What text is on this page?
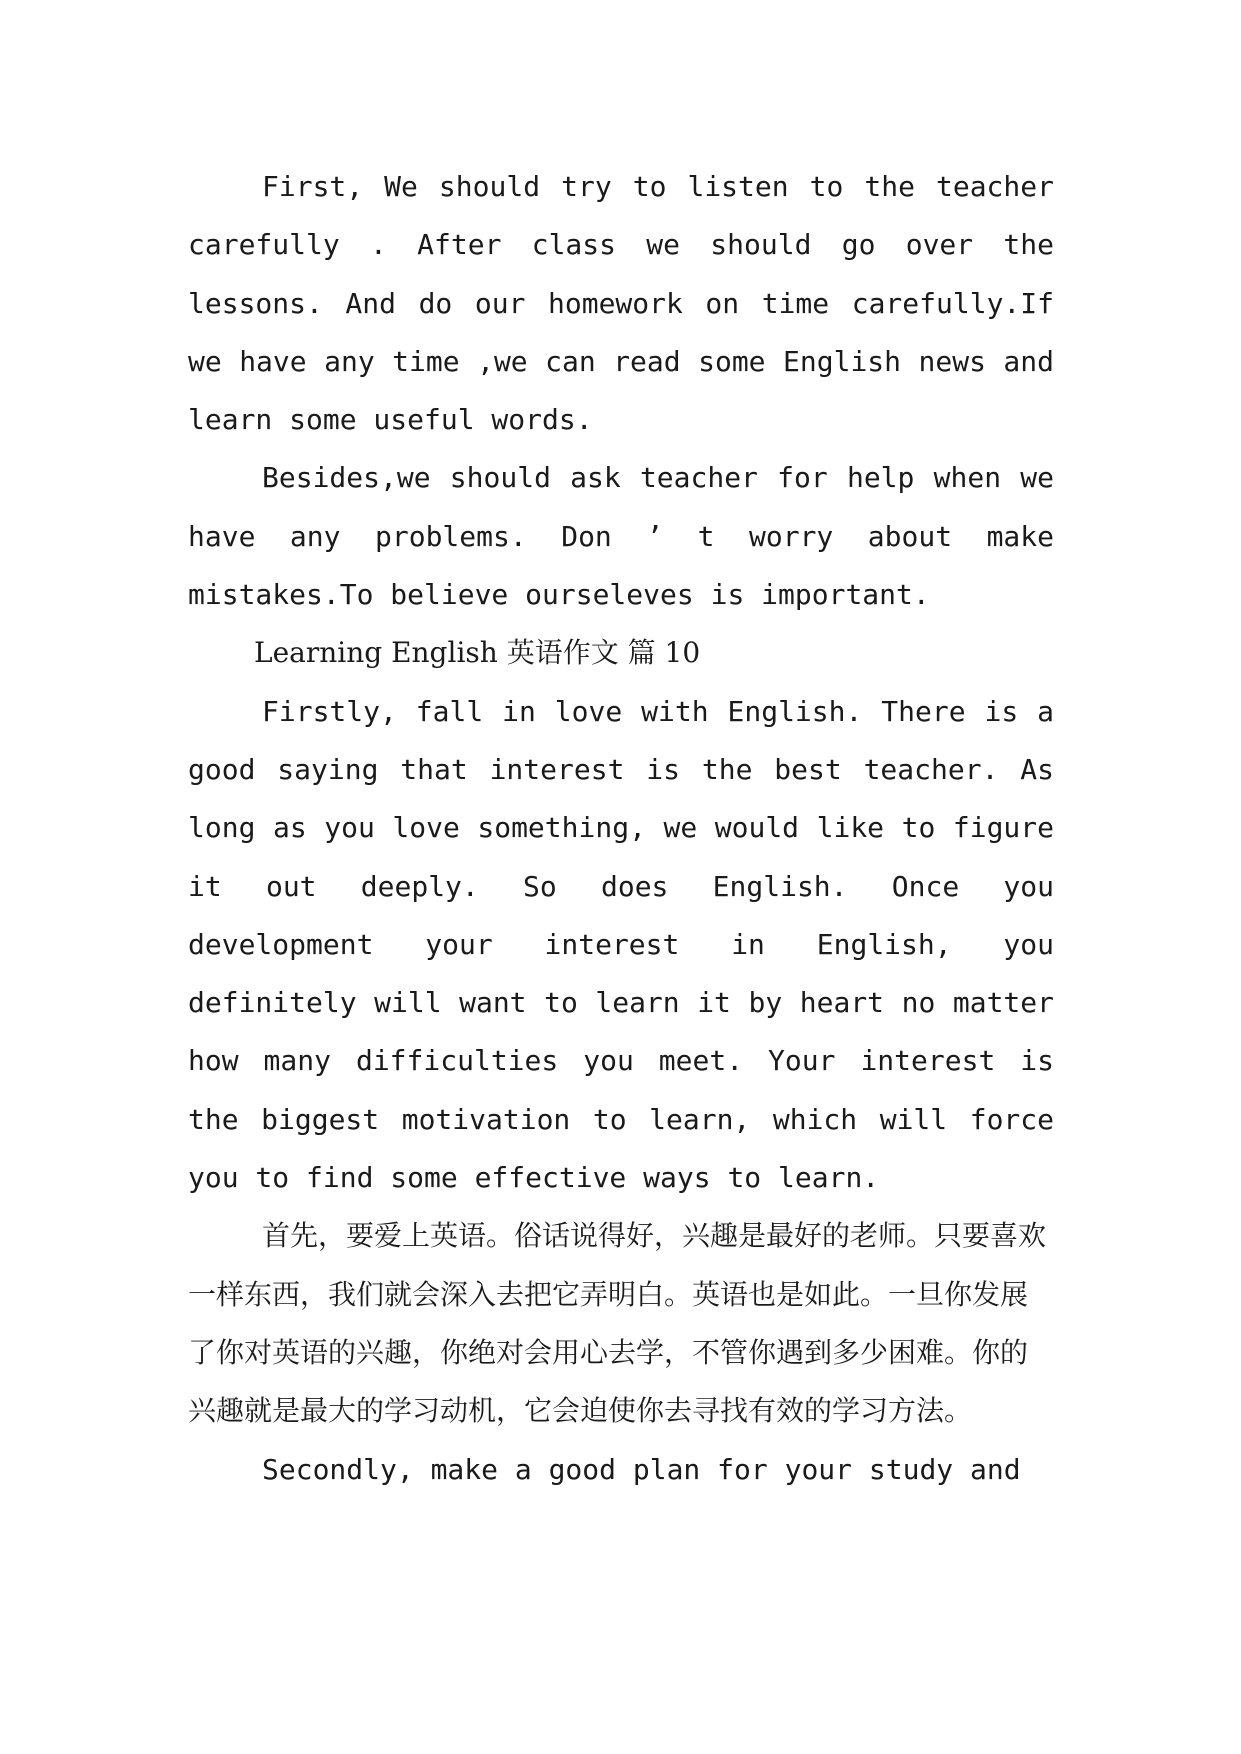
First, We should try to listen to the teacher carefully . After class we should go over the lessons. And do our homework on time carefully.If we have any time ,we can read some English news and learn some useful words.

Besides,we should ask teacher for help when we have any problems. Don ’ t worry about make mistakes.To believe ourseleves is important.

Learning English 英语作文 篇 10

Firstly, fall in love with English. There is a good saying that interest is the best teacher. As long as you love something, we would like to figure it out deeply. So does English. Once you development your interest in English, you definitely will want to learn it by heart no matter how many difficulties you meet. Your interest is the biggest motivation to learn, which will force you to find some effective ways to learn.

首先，要爱上英语。俗话说得好，兴趣是最好的老师。只要喜欢一样东西，我们就会深入去把它弄明白。英语也是如此。一旦你发展了你对英语的兴趣，你绝对会用心去学，不管你遇到多少困难。你的兴趣就是最大的学习动机，它会迫使你去寻找有效的学习方法。

Secondly, make a good plan for your study and
